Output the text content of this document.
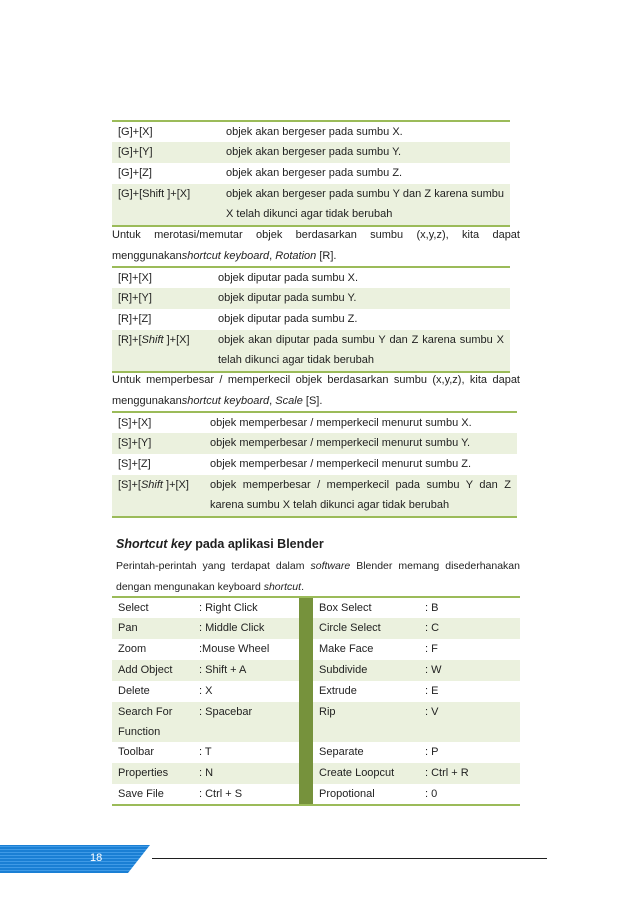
[G]+[X]	objek akan bergeser pada sumbu X.
[G]+[Y]	objek akan bergeser pada sumbu Y.
[G]+[Z]	objek akan bergeser pada sumbu Z.
[G]+[Shift ]+[X]	objek akan bergeser pada sumbu Y dan Z karena sumbu X telah dikunci agar tidak berubah
Untuk merotasi/memutar objek berdasarkan sumbu (x,y,z), kita dapat menggunakanshortcut keyboard, Rotation [R].
[R]+[X]	objek diputar pada sumbu X.
[R]+[Y]	objek diputar pada sumbu Y.
[R]+[Z]	objek diputar pada sumbu Z.
[R]+[Shift ]+[X]	objek akan diputar pada sumbu Y dan Z karena sumbu X telah dikunci agar tidak berubah
Untuk memperbesar / memperkecil objek berdasarkan sumbu (x,y,z), kita dapat menggunakanshortcut keyboard, Scale [S].
[S]+[X]	objek memperbesar / memperkecil menurut sumbu X.
[S]+[Y]	objek memperbesar / memperkecil menurut sumbu Y.
[S]+[Z]	objek memperbesar / memperkecil menurut sumbu Z.
[S]+[Shift ]+[X]	objek memperbesar / memperkecil pada sumbu Y dan Z karena sumbu X telah dikunci agar tidak berubah
Shortcut key pada aplikasi Blender
Perintah-perintah yang terdapat dalam software Blender memang disederhanakan dengan mengunakan keyboard shortcut.
Select	: Right Click		Box Select	: B
Pan	: Middle Click		Circle Select	: C
Zoom	:Mouse Wheel		Make Face	: F
Add Object	: Shift + A		Subdivide	: W
Delete	: X		Extrude	: E
Search For Function	: Spacebar		Rip	: V
Toolbar	: T		Separate	: P
Properties	: N		Create Loopcut	: Ctrl + R
Save File	: Ctrl + S		Propotional	: 0
18
